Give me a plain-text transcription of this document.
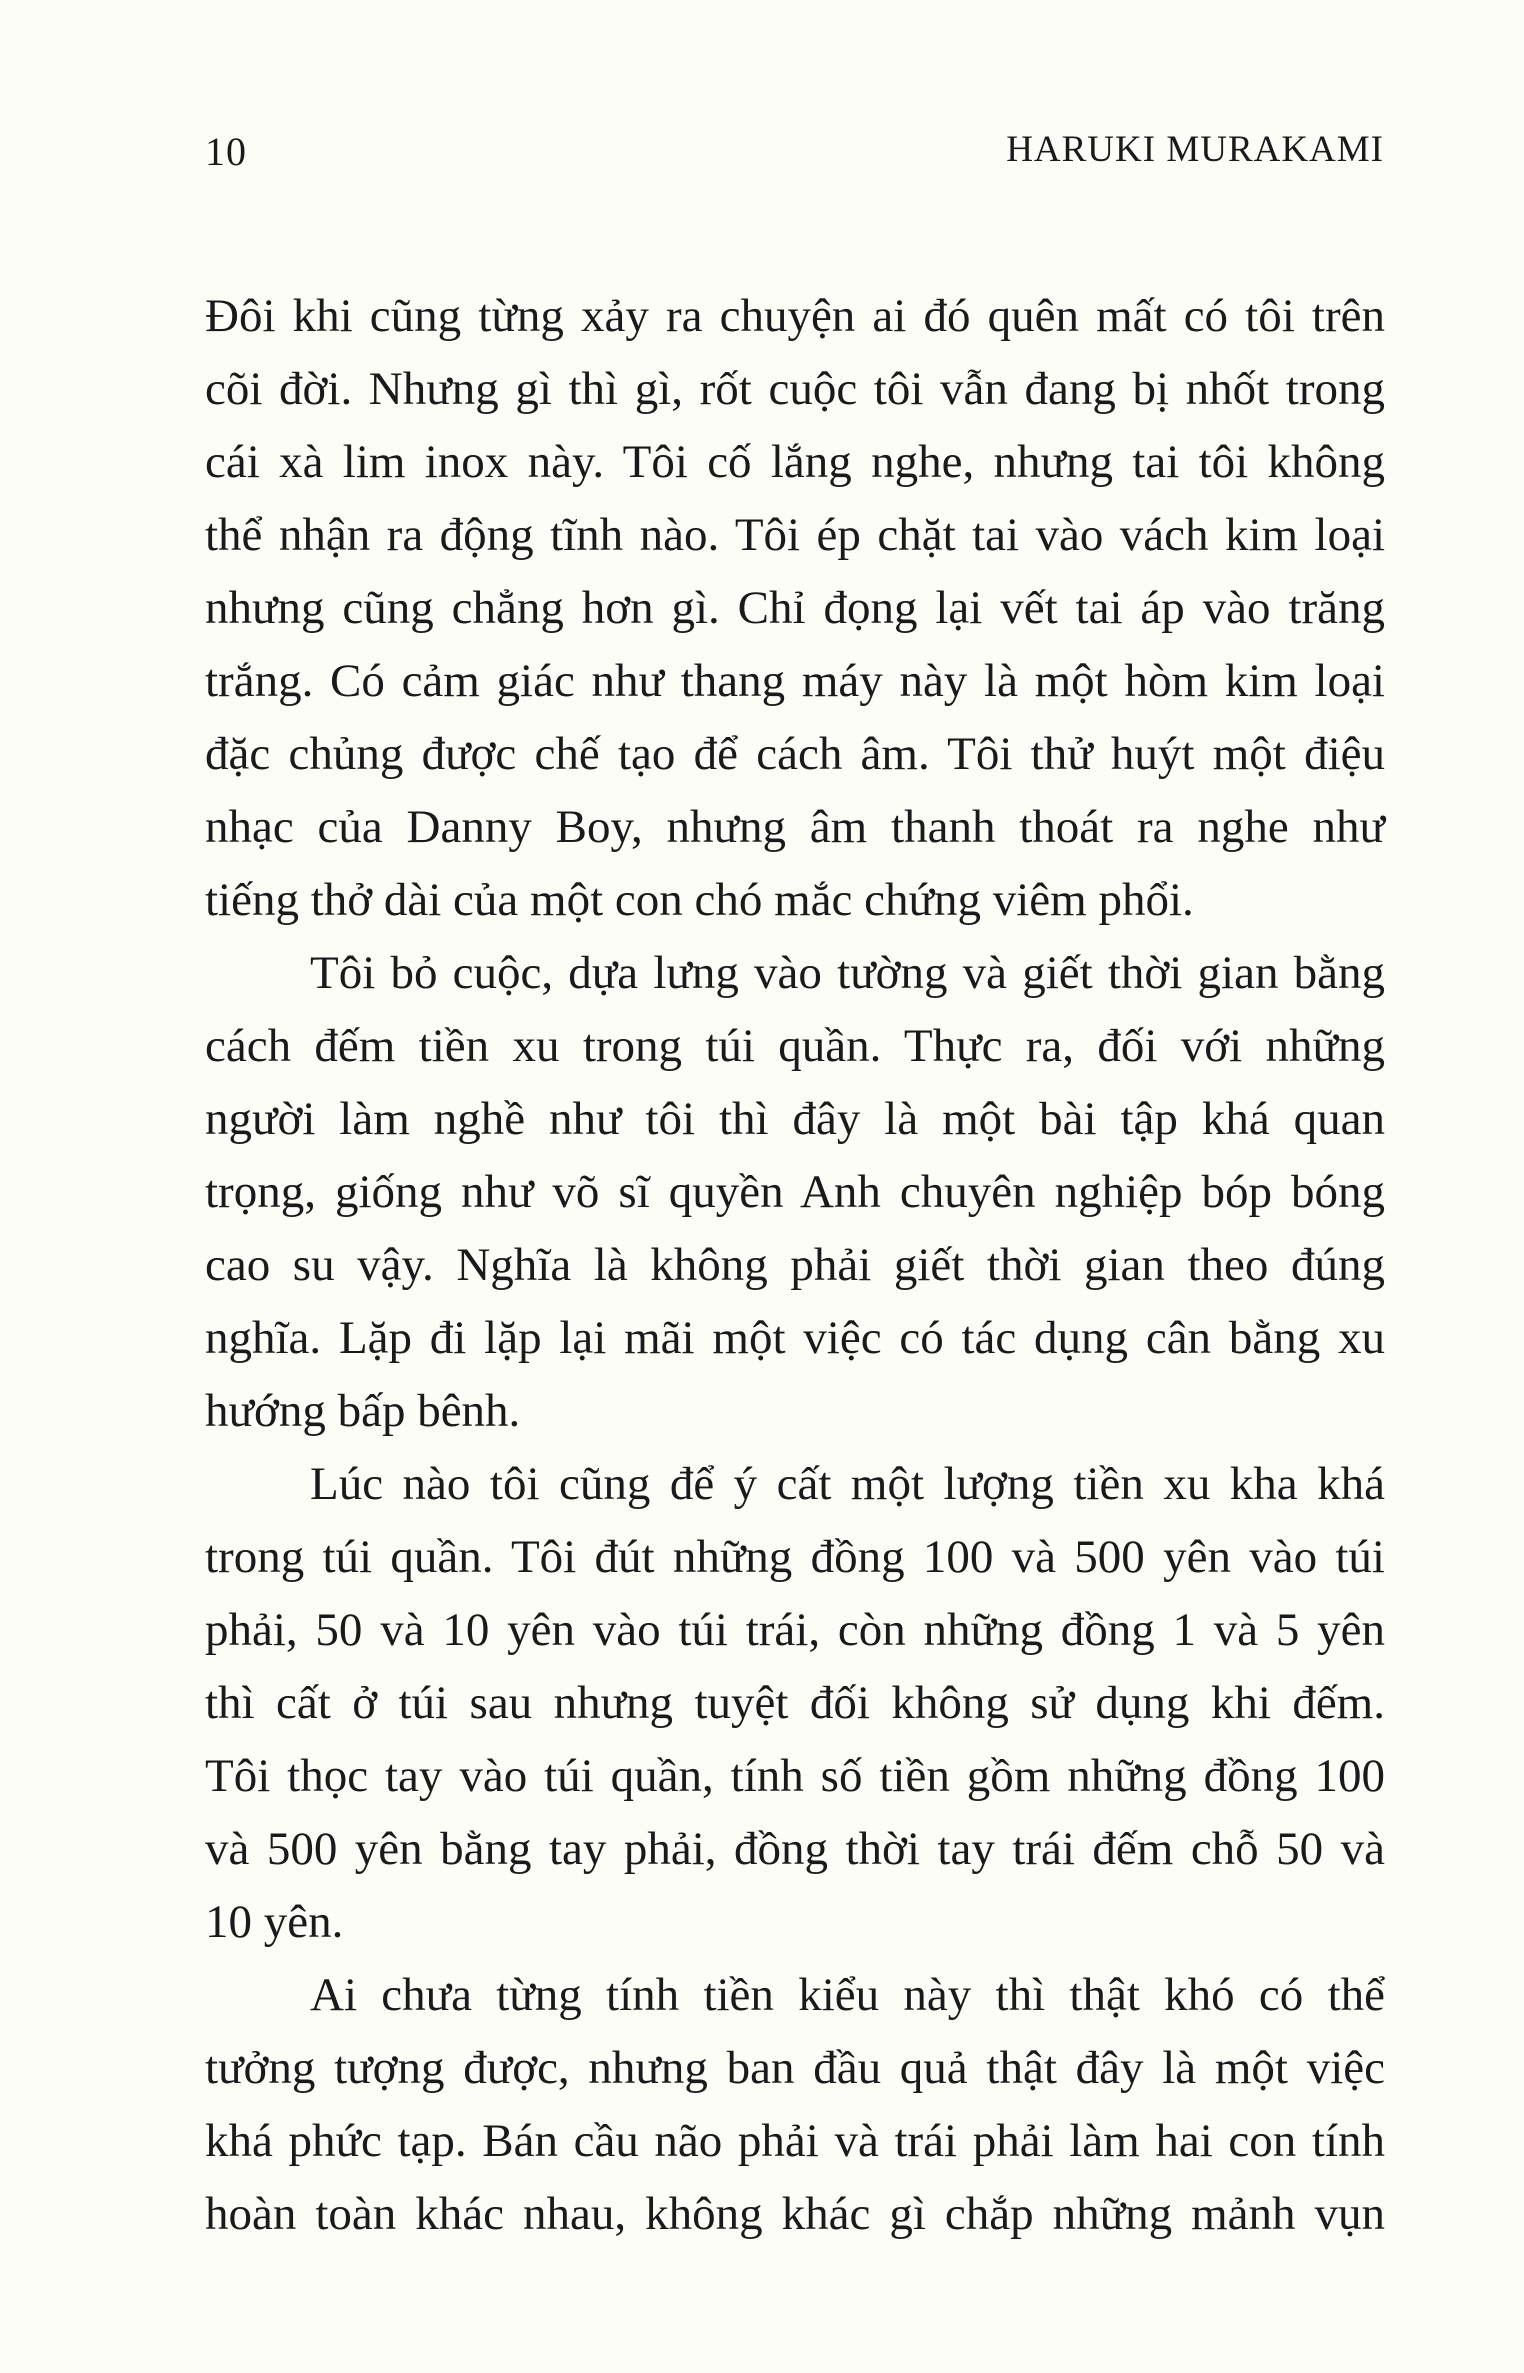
10	HARUKI MURAKAMI
Đôi khi cũng từng xảy ra chuyện ai đó quên mất có tôi trên
cõi đời. Nhưng gì thì gì, rốt cuộc tôi vẫn đang bị nhốt trong
cái xà lim inox này. Tôi cố lắng nghe, nhưng tai tôi không
thể nhận ra động tĩnh nào. Tôi ép chặt tai vào vách kim loại
nhưng cũng chẳng hơn gì. Chỉ đọng lại vết tai áp vào trăng
trắng. Có cảm giác như thang máy này là một hòm kim loại
đặc chủng được chế tạo để cách âm. Tôi thử huýt một điệu
nhạc của Danny Boy, nhưng âm thanh thoát ra nghe như
tiếng thở dài của một con chó mắc chứng viêm phổi.
Tôi bỏ cuộc, dựa lưng vào tường và giết thời gian bằng
cách đếm tiền xu trong túi quần. Thực ra, đối với những
người làm nghề như tôi thì đây là một bài tập khá quan
trọng, giống như võ sĩ quyền Anh chuyên nghiệp bóp bóng
cao su vậy. Nghĩa là không phải giết thời gian theo đúng
nghĩa. Lặp đi lặp lại mãi một việc có tác dụng cân bằng xu
hướng bấp bênh.
Lúc nào tôi cũng để ý cất một lượng tiền xu kha khá
trong túi quần. Tôi đút những đồng 100 và 500 yên vào túi
phải, 50 và 10 yên vào túi trái, còn những đồng 1 và 5 yên
thì cất ở túi sau nhưng tuyệt đối không sử dụng khi đếm.
Tôi thọc tay vào túi quần, tính số tiền gồm những đồng 100
và 500 yên bằng tay phải, đồng thời tay trái đếm chỗ 50 và
10 yên.
Ai chưa từng tính tiền kiểu này thì thật khó có thể
tưởng tượng được, nhưng ban đầu quả thật đây là một việc
khá phức tạp. Bán cầu não phải và trái phải làm hai con tính
hoàn toàn khác nhau, không khác gì chắp những mảnh vụn
